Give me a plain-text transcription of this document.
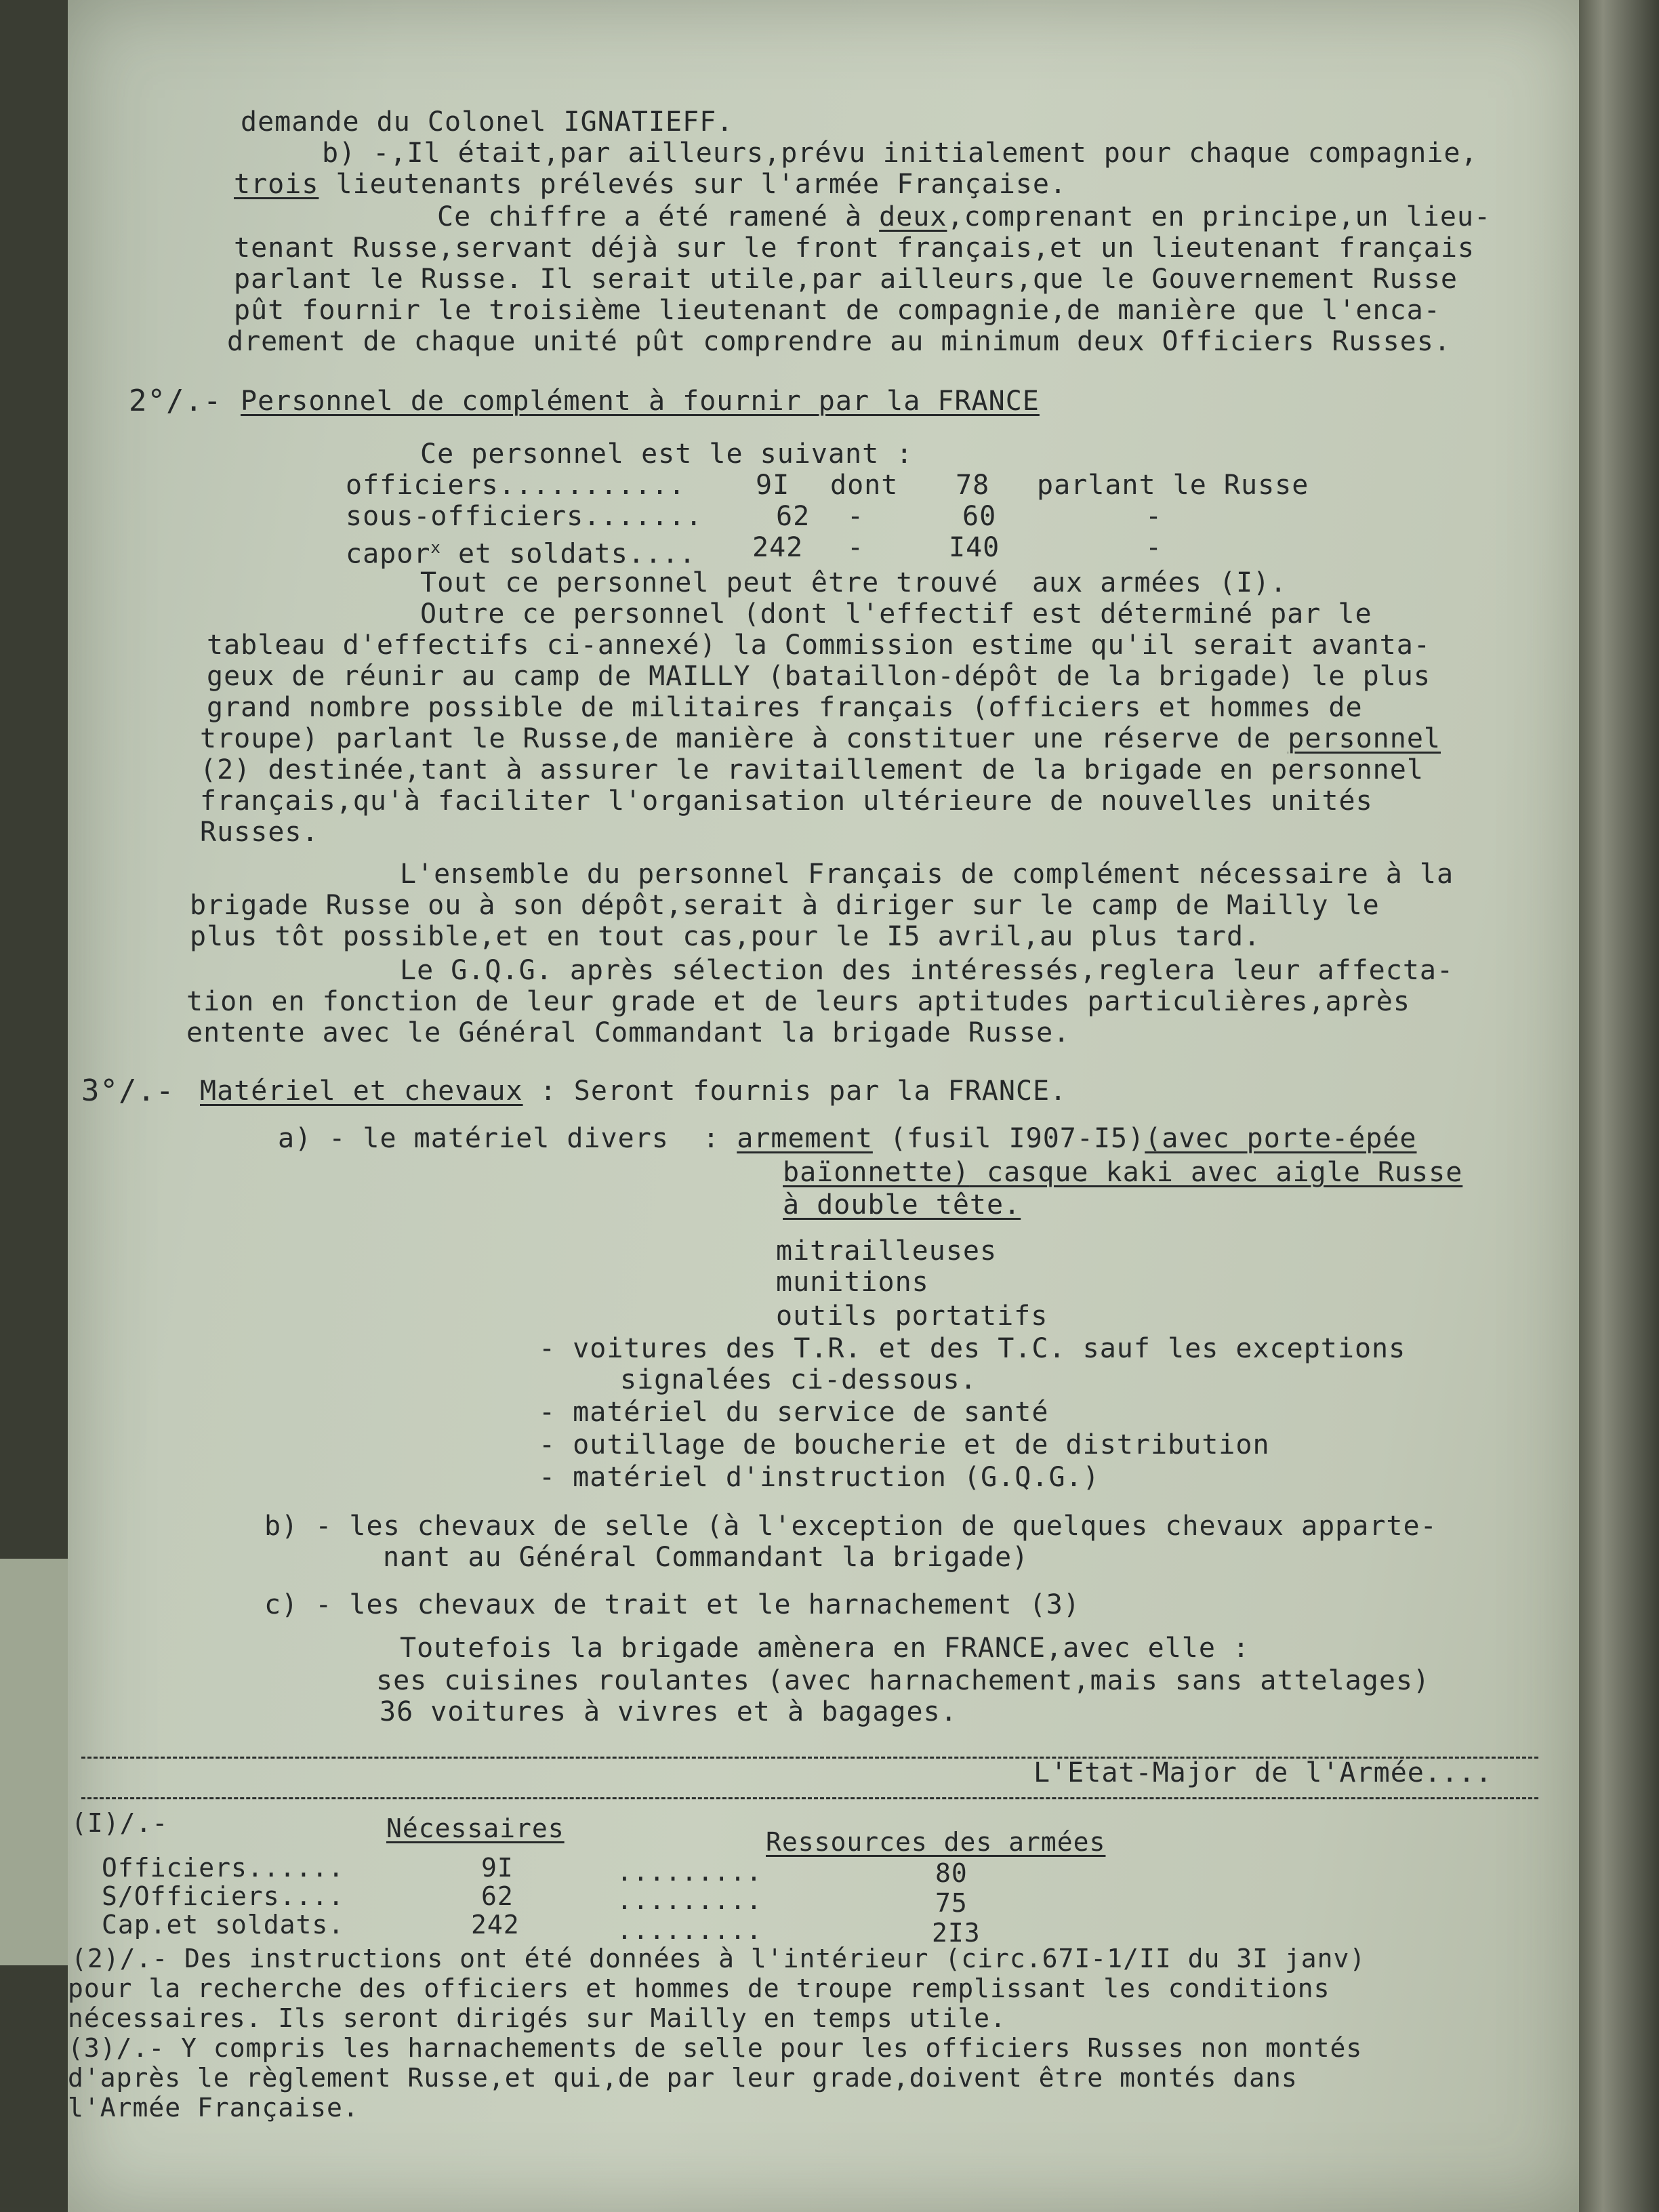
demande du Colonel IGNATIEFF.
b) -,Il était,par ailleurs,prévu initialement pour chaque compagnie,
trois lieutenants prélevés sur l'armée Française.
Ce chiffre a été ramené à deux,comprenant en principe,un lieu-
tenant Russe,servant déjà sur le front français,et un lieutenant français
parlant le Russe. Il serait utile,par ailleurs,que le Gouvernement Russe
pût fournir le troisième lieutenant de compagnie,de manière que l'enca-
drement de chaque unité pût comprendre au minimum deux Officiers Russes.
2°/.- Personnel de complément à fournir par la FRANCE
Ce personnel est le suivant :
officiers...........	9I dont 78 parlant le Russe
sous-officiers.......	62 -	60	-
capor$^x$ et soldats.... 242 -	I40	-
Tout ce personnel peut être trouvé  aux armées (I).
Outre ce personnel (dont l'effectif est déterminé par le
tableau d'effectifs ci-annexé) la Commission estime qu'il serait avanta-
geux de réunir au camp de MAILLY (bataillon-dépôt de la brigade) le plus
grand nombre possible de militaires français (officiers et hommes de
troupe) parlant le Russe,de manière à constituer une réserve de personnel
(2) destinée,tant à assurer le ravitaillement de la brigade en personnel
français,qu'à faciliter l'organisation ultérieure de nouvelles unités
Russes.
L'ensemble du personnel Français de complément nécessaire à la
brigade Russe ou à son dépôt,serait à diriger sur le camp de Mailly le
plus tôt possible,et en tout cas,pour le I5 avril,au plus tard.
Le G.Q.G. après sélection des intéressés,reglera leur affecta-
tion en fonction de leur grade et de leurs aptitudes particulières,après
entente avec le Général Commandant la brigade Russe.
3°/.- Matériel et chevaux : Seront fournis par la FRANCE.
a) - le matériel divers  : armement (fusil I907-I5)(avec porte-épée
baïonnette) casque kaki avec aigle Russe
à double tête.
mitrailleuses
munitions
outils portatifs
- voitures des T.R. et des T.C. sauf les exceptions
signalées ci-dessous.
- matériel du service de santé
- outillage de boucherie et de distribution
- matériel d'instruction (G.Q.G.)
b) - les chevaux de selle (à l'exception de quelques chevaux apparte-
nant au Général Commandant la brigade)
c) - les chevaux de trait et le harnachement (3)
Toutefois la brigade amènera en FRANCE,avec elle :
ses cuisines roulantes (avec harnachement,mais sans attelages)
36 voitures à vivres et à bagages.
L'Etat-Major de l'Armée....
(I)/.-	Nécessaires	Ressources des armées
Officiers......	9I	.........	80
S/Officiers....	62	.........	75
Cap.et soldats.	242	.........	2I3
(2)/.- Des instructions ont été données à l'intérieur (circ.67I-1/II du 3I janv)
pour la recherche des officiers et hommes de troupe remplissant les conditions
nécessaires. Ils seront dirigés sur Mailly en temps utile.
(3)/.- Y compris les harnachements de selle pour les officiers Russes non montés
d'après le règlement Russe,et qui,de par leur grade,doivent être montés dans
l'Armée Française.
